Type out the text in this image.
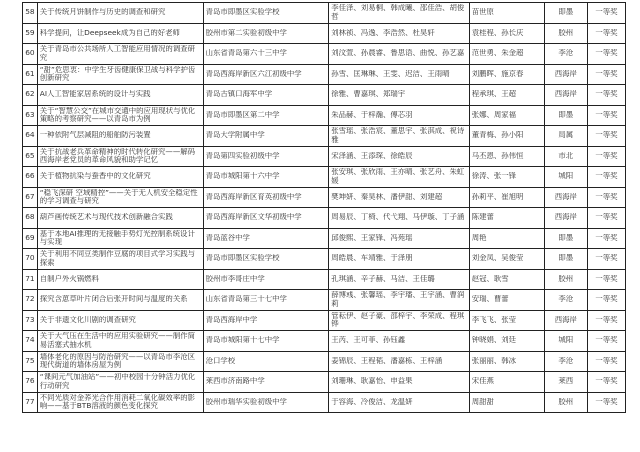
58	关于传统月饼制作与历史的调查和研究	青岛市即墨区实验学校	李佳泽、刘易桐、韩成曦、邵佳浩、胡俊哲	苗世原	即墨	一等奖

59	科学提问，让Deepseek成为自己的好老师	胶州市第二实验初级中学	刘林祯、冯逸、李浩然、杜昊轩	袁桂程、孙长庆	胶州	一等奖

60	关于青岛市公共场所人工智能应用情况的调查研究	山东省青岛第六十三中学	刘汶萱、孙晨睿、鲁思语、曲悦、孙艺嘉	范世勇、朱金超	李沧	一等奖

61	“甜”危思衷：中学生牙齿健康保卫战与科学护齿创新研究	青岛西海岸新区六江初级中学	孙雪、匡琳琳、王雯、迟洁、王雨晴	刘鹏晖、施京春	西海岸	一等奖

62	AI人工智能家居系统的设计与实践	青岛古镇口海军中学	徐雅、曹嘉琪、郑瑞宇	程承琪、王超	西海岸	一等奖

63	关于“智慧公交”在城市交通中的应用现状与优化策略的考察研究——以青岛市为例	青岛市即墨区第二中学	朱品赫、于梓瀚、傅芯羽	张娜、周家福	即墨	一等奖

64	一种依附气层减阻的船舶防污装置	青岛大学附属中学	张雪瑶、张浩宸、董思宇、张淇成、祝诗雅	董青梅、孙小阳	局属	一等奖

65	关于抗战老兵革命精神的时代转化研究——解码西海岸老党员的革命风貌和助学记忆	青岛第四实验初级中学	宋泽涵、王添琛、徐皓辰	马丕恩、孙伟恒	市北	一等奖

66	关于植物抗染与蚕香中的文化研究	青岛市城阳第十六中学	张安琪、张欣雨、王亦晴、张艺舟、朱虹媛	徐涛、张一锋	城阳	一等奖

67	“稳飞深研 空域精控”——关于无人机安全稳定性的学习调查与研究	青岛西海岸新区育英初级中学	樊坤妍、秦昊林、潘伊甜、刘建超	孙莉平、崔旭明	西海岸	一等奖

68	葫芦画传统艺术与现代技术创新融合实践	青岛西海岸新区文华初级中学	周易辰、丁椅、代弋翔、马伊璇、丁子涵	陈建蕾	西海岸	一等奖

69	基于本地AI推理的无接触手势灯光控制系统设计与实现	青岛蓝谷中学	邱俊熙、王家锋、冯苑瑶	周艳	即墨	一等奖

70	关于利用不同豆类制作豆腐的项目式学习实践与探索	青岛市即墨区实验学校	周皓晨、车靖雅、于泽朋	刘金凤、吴俊莹	即墨	一等奖

71	自制户外火锅燃料	胶州市李哥庄中学	孔琪涵、辛子赫、马洁、王佳璐	赵冠、耿雪	胶州	一等奖

72	探究含葸草叶片闭合后张开时间与温度的关系	山东省青岛第三十七中学	薛博彧、张馨瑶、李宇璠、王宇涵、曹润莉	安瑞、曹蕾	李沧	一等奖

73	关于非遗文化川剧的调查研究	青岛西海岸中学	管耘伊、赵子豪、邵梓宇、李荣成、程琪铧	李飞飞、张莹	西海岸	一等奖

74	关于大气压在生活中的应用实验研究——制作简易活塞式抽水机	青岛市城阳第十七中学	王芮、王可菲、孙钰鑫	钟晓娟、刘廷	城阳	一等奖

75	墙体老化的原因与防治研究——以青岛市李沧区现代街道的墙体房屋为例	沧口学校	姜锦辰、王程韬、潘嘉栋、王梓涵	张丽丽、韩冰	李沧	一等奖

76	“课间元气加油站”——初中校园十分钟活力优化行动研究	莱西市济南路中学	刘珊琳、耿嘉怡、申益果	宋佳燕	莱西	一等奖

77	不同光质对金荞光合作用消耗二氧化碳效率的影响——基于BTB溶液的颜色变化探究	胶州市瑞华实验初级中学	于容海、冷俊洁、龙温妍	周甜甜	胶州	一等奖
